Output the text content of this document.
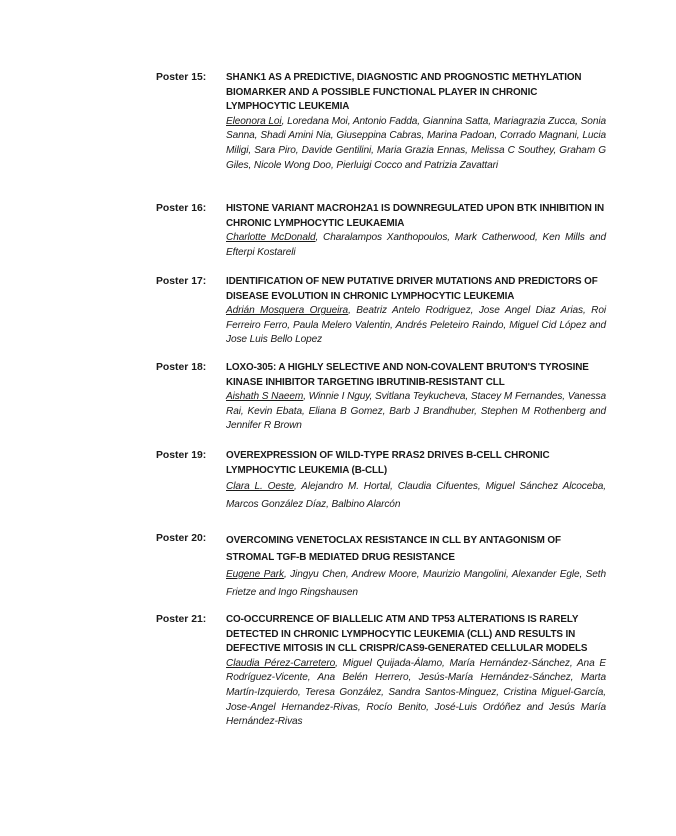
Poster 15:	SHANK1 AS A PREDICTIVE, DIAGNOSTIC AND PROGNOSTIC METHYLATION BIOMARKER AND A POSSIBLE FUNCTIONAL PLAYER IN CHRONIC LYMPHOCYTIC LEUKEMIA
Eleonora Loi, Loredana Moi, Antonio Fadda, Giannina Satta, Mariagrazia Zucca, Sonia Sanna, Shadi Amini Nia, Giuseppina Cabras, Marina Padoan, Corrado Magnani, Lucia Miligi, Sara Piro, Davide Gentilini, Maria Grazia Ennas, Melissa C Southey, Graham G Giles, Nicole Wong Doo, Pierluigi Cocco and Patrizia Zavattari
Poster 16:	HISTONE VARIANT MACROH2A1 IS DOWNREGULATED UPON BTK INHIBITION IN CHRONIC LYMPHOCYTIC LEUKAEMIA
Charlotte McDonald, Charalampos Xanthopoulos, Mark Catherwood, Ken Mills and Efterpi Kostareli
Poster 17:	IDENTIFICATION OF NEW PUTATIVE DRIVER MUTATIONS AND PREDICTORS OF DISEASE EVOLUTION IN CHRONIC LYMPHOCYTIC LEUKEMIA
Adrián Mosquera Orgueira, Beatriz Antelo Rodriguez, Jose Angel Diaz Arias, Roi Ferreiro Ferro, Paula Melero Valentin, Andrés Peleteiro Raindo, Miguel Cid López and Jose Luis Bello Lopez
Poster 18:	LOXO-305: A HIGHLY SELECTIVE AND NON-COVALENT BRUTON'S TYROSINE KINASE INHIBITOR TARGETING IBRUTINIB-RESISTANT CLL
Aishath S Naeem, Winnie I Nguy, Svitlana Teykucheva, Stacey M Fernandes, Vanessa Rai, Kevin Ebata, Eliana B Gomez, Barb J Brandhuber, Stephen M Rothenberg and Jennifer R Brown
Poster 19:	OVEREXPRESSION OF WILD-TYPE RRAS2 DRIVES B-CELL CHRONIC LYMPHOCYTIC LEUKEMIA (B-CLL)
Clara L. Oeste, Alejandro M. Hortal, Claudia Cifuentes, Miguel Sánchez Alcoceba, Marcos González Díaz, Balbino Alarcón
Poster 20:	OVERCOMING VENETOCLAX RESISTANCE IN CLL BY ANTAGONISM OF STROMAL TGF-B MEDIATED DRUG RESISTANCE
Eugene Park, Jingyu Chen, Andrew Moore, Maurizio Mangolini, Alexander Egle, Seth Frietze and Ingo Ringshausen
Poster 21:	CO-OCCURRENCE OF BIALLELIC ATM AND TP53 ALTERATIONS IS RARELY DETECTED IN CHRONIC LYMPHOCYTIC LEUKEMIA (CLL) AND RESULTS IN DEFECTIVE MITOSIS IN CLL CRISPR/CAS9-GENERATED CELLULAR MODELS
Claudia Pérez-Carretero, Miguel Quijada-Álamo, María Hernández-Sánchez, Ana E Rodríguez-Vicente, Ana Belén Herrero, Jesús-María Hernández-Sánchez, Marta Martín-Izquierdo, Teresa González, Sandra Santos-Minguez, Cristina Miguel-García, Jose-Angel Hernandez-Rivas, Rocío Benito, José-Luis Ordóñez and Jesús María Hernández-Rivas
